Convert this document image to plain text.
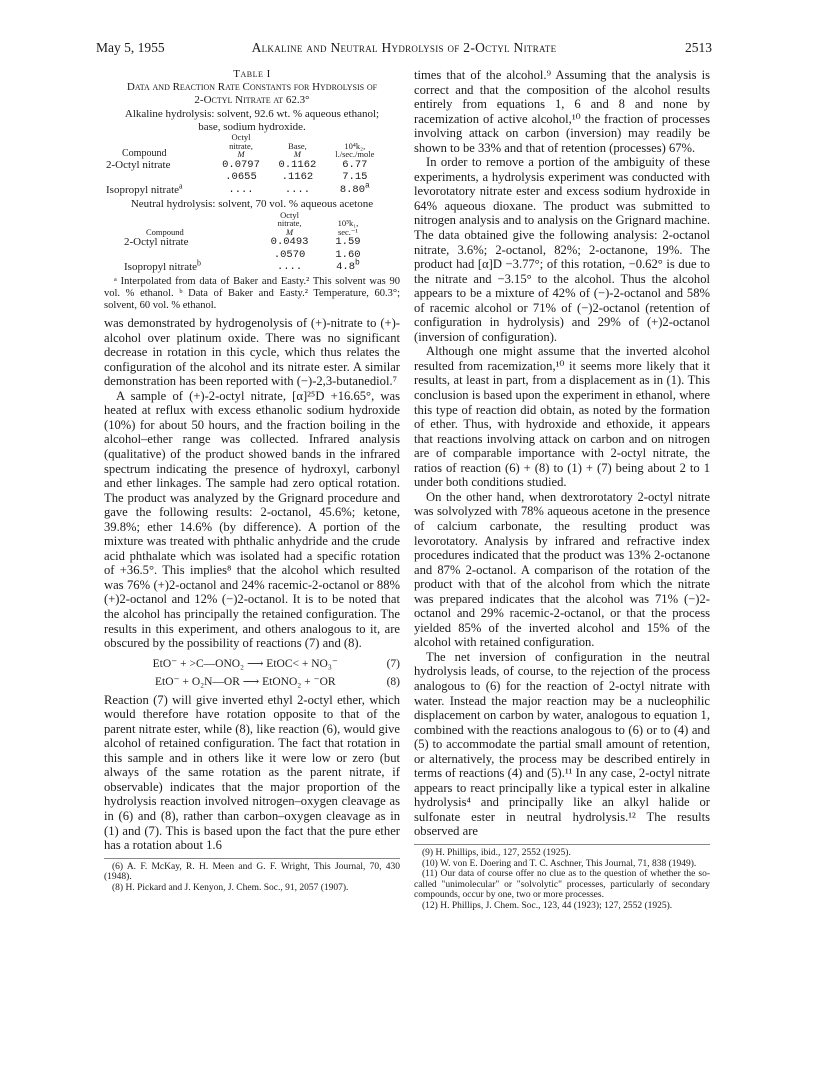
May 5, 1955	Alkaline and Neutral Hydrolysis of 2-Octyl Nitrate	2513
Table I
Data and Reaction Rate Constants for Hydrolysis of
2-Octyl Nitrate at 62.3°
Alkaline hydrolysis: solvent, 92.6 wt. % aqueous ethanol;
base, sodium hydroxide.
Compound	Octyl
nitrate,
M	Base,
M	10⁴k₂,
l./sec./mole
2-Octyl nitrate	0.0797	0.1162	6.77
	.0655	.1162	7.15
Isopropyl nitrate$^a$	....	....	8.80$^a$
Neutral hydrolysis: solvent, 70 vol. % aqueous acetone
Compound	Octyl
nitrate,
M	10⁵k₁,
sec.⁻¹
2-Octyl nitrate	0.0493	1.59
	.0570	1.60
Isopropyl nitrate$^b$	....	4.8$^b$

ᵃ Interpolated from data of Baker and Easty.² This solvent was 90 vol. % ethanol. ᵇ Data of Baker and Easty.² Temperature, 60.3°; solvent, 60 vol. % ethanol.

was demonstrated by hydrogenolysis of (+)-nitrate to (+)-alcohol over platinum oxide. There was no significant decrease in rotation in this cycle, which thus relates the configuration of the alcohol and its nitrate ester. A similar demonstration has been reported with (−)-2,3-butanediol.⁷

A sample of (+)-2-octyl nitrate, [α]²⁵D +16.65°, was heated at reflux with excess ethanolic sodium hydroxide (10%) for about 50 hours, and the fraction boiling in the alcohol–ether range was collected. Infrared analysis (qualitative) of the product showed bands in the infrared spectrum indicating the presence of hydroxyl, carbonyl and ether linkages. The sample had zero optical rotation. The product was analyzed by the Grignard procedure and gave the following results: 2-octanol, 45.6%; ketone, 39.8%; ether 14.6% (by difference). A portion of the mixture was treated with phthalic anhydride and the crude acid phthalate which was isolated had a specific rotation of +36.5°. This implies⁸ that the alcohol which resulted was 76% (+)2-octanol and 24% racemic-2-octanol or 88% (+)2-octanol and 12% (−)2-octanol. It is to be noted that the alcohol has principally the retained configuration. The results in this experiment, and others analogous to it, are obscured by the possibility of reactions (7) and (8).

EtO⁻ + >C—ONO₂ ⟶ EtOC< + NO₃⁻	(7)
EtO⁻ + O₂N—OR ⟶ EtONO₂ + ⁻OR	(8)

Reaction (7) will give inverted ethyl 2-octyl ether, which would therefore have rotation opposite to that of the parent nitrate ester, while (8), like reaction (6), would give alcohol of retained configuration. The fact that rotation in this sample and in others like it were low or zero (but always of the same rotation as the parent nitrate, if observable) indicates that the major proportion of the hydrolysis reaction involved nitrogen–oxygen cleavage as in (6) and (8), rather than carbon–oxygen cleavage as in (1) and (7). This is based upon the fact that the pure ether has a rotation about 1.6

(6) A. F. McKay, R. H. Meen and G. F. Wright, This Journal, 70, 430 (1948).

(8) H. Pickard and J. Kenyon, J. Chem. Soc., 91, 2057 (1907).

times that of the alcohol.⁹ Assuming that the analysis is correct and that the composition of the alcohol results entirely from equations 1, 6 and 8 and none by racemization of active alcohol,¹⁰ the fraction of processes involving attack on carbon (inversion) may readily be shown to be 33% and that of retention (processes) 67%.

In order to remove a portion of the ambiguity of these experiments, a hydrolysis experiment was conducted with levorotatory nitrate ester and excess sodium hydroxide in 64% aqueous dioxane. The product was submitted to nitrogen analysis and to analysis on the Grignard machine. The data obtained give the following analysis: 2-octanol nitrate, 3.6%; 2-octanol, 82%; 2-octanone, 19%. The product had [α]D −3.77°; of this rotation, −0.62° is due to the nitrate and −3.15° to the alcohol. Thus the alcohol appears to be a mixture of 42% of (−)-2-octanol and 58% of racemic alcohol or 71% of (−)2-octanol (retention of configuration in hydrolysis) and 29% of (+)2-octanol (inversion of configuration).

Although one might assume that the inverted alcohol resulted from racemization,¹⁰ it seems more likely that it results, at least in part, from a displacement as in (1). This conclusion is based upon the experiment in ethanol, where this type of reaction did obtain, as noted by the formation of ether. Thus, with hydroxide and ethoxide, it appears that reactions involving attack on carbon and on nitrogen are of comparable importance with 2-octyl nitrate, the ratios of reaction (6) + (8) to (1) + (7) being about 2 to 1 under both conditions studied.

On the other hand, when dextrorotatory 2-octyl nitrate was solvolyzed with 78% aqueous acetone in the presence of calcium carbonate, the resulting product was levorotatory. Analysis by infrared and refractive index procedures indicated that the product was 13% 2-octanone and 87% 2-octanol. A comparison of the rotation of the product with that of the alcohol from which the nitrate was prepared indicates that the alcohol was 71% (−)2-octanol and 29% racemic-2-octanol, or that the process yielded 85% of the inverted alcohol and 15% of the alcohol with retained configuration.

The net inversion of configuration in the neutral hydrolysis leads, of course, to the rejection of the process analogous to (6) for the reaction of 2-octyl nitrate with water. Instead the major reaction may be a nucleophilic displacement on carbon by water, analogous to equation 1, combined with the reactions analogous to (6) or to (4) and (5) to accommodate the partial small amount of retention, or alternatively, the process may be described entirely in terms of reactions (4) and (5).¹¹ In any case, 2-octyl nitrate appears to react principally like a typical ester in alkaline hydrolysis⁴ and principally like an alkyl halide or sulfonate ester in neutral hydrolysis.¹² The results observed are

(9) H. Phillips, ibid., 127, 2552 (1925).

(10) W. von E. Doering and T. C. Aschner, This Journal, 71, 838 (1949).

(11) Our data of course offer no clue as to the question of whether the so-called "unimolecular" or "solvolytic" processes, particularly of secondary compounds, occur by one, two or more processes.

(12) H. Phillips, J. Chem. Soc., 123, 44 (1923); 127, 2552 (1925).
